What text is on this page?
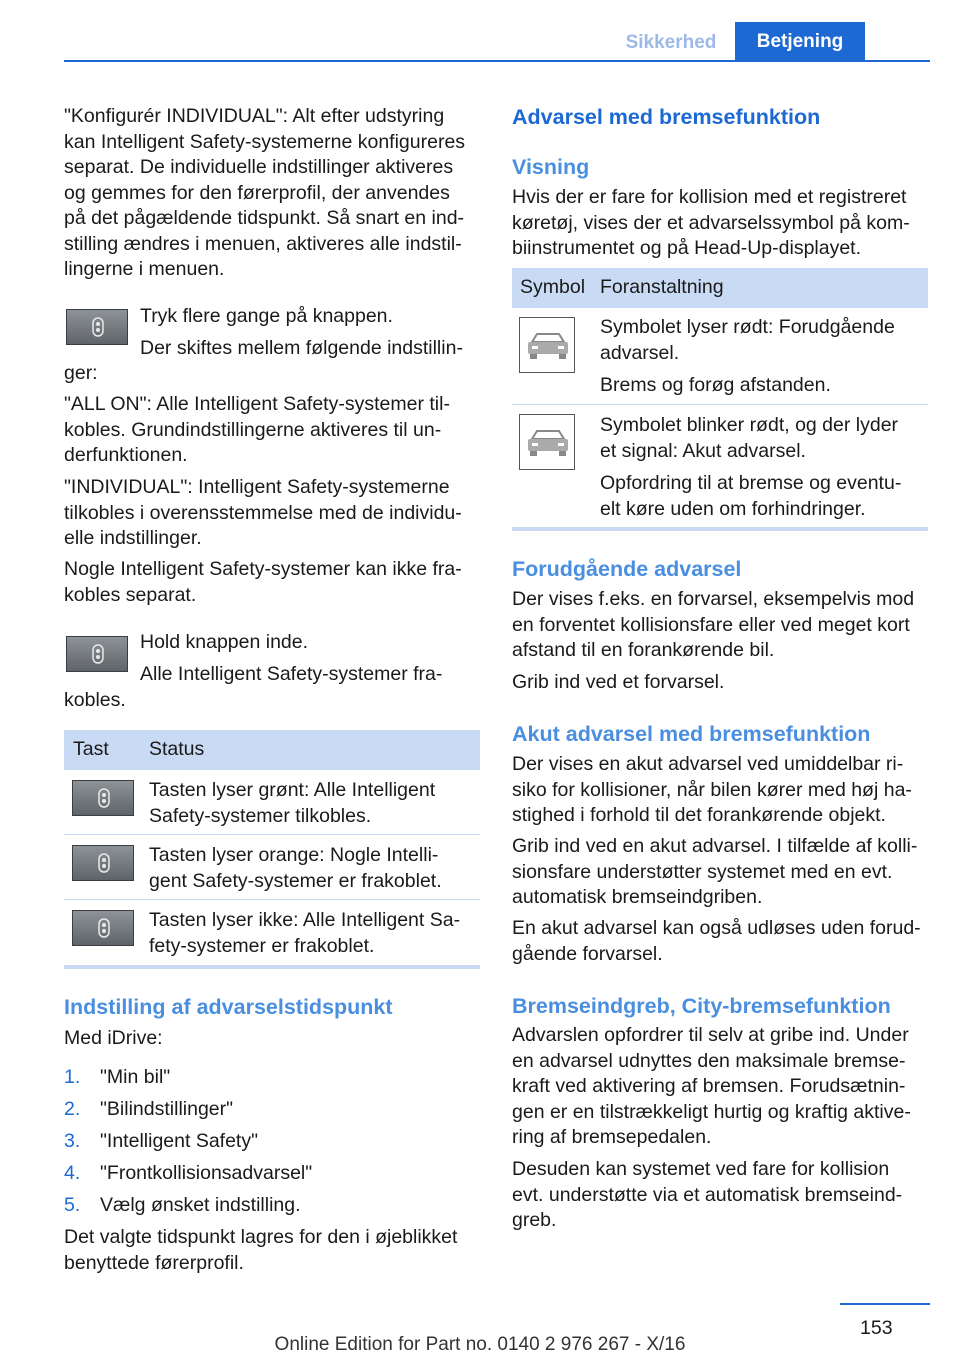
Sikkerhed	Betjening
"Konfigurér INDIVIDUAL": Alt efter udstyring
kan Intelligent Safety-systemerne konfigureres
separat. De individuelle indstillinger aktiveres
og gemmes for den førerprofil, der anvendes
på det pågældende tidspunkt. Så snart en ind-
stilling ændres i menuen, aktiveres alle indstil-
lingerne i menuen.
Tryk flere gange på knappen.
Der skiftes mellem følgende indstillin-
ger:
"ALL ON": Alle Intelligent Safety-systemer til-
kobles. Grundindstillingerne aktiveres til un-
derfunktionen.
"INDIVIDUAL": Intelligent Safety-systemerne
tilkobles i overensstemmelse med de individu-
elle indstillinger.
Nogle Intelligent Safety-systemer kan ikke fra-
kobles separat.
Hold knappen inde.
Alle Intelligent Safety-systemer fra-
kobles.
Tast Status
Tasten lyser grønt: Alle Intelligent
Safety-systemer tilkobles.
Tasten lyser orange: Nogle Intelli-
gent Safety-systemer er frakoblet.
Tasten lyser ikke: Alle Intelligent Sa-
fety-systemer er frakoblet.
Indstilling af advarselstidspunkt
Med iDrive:
1. "Min bil"
2. "Bilindstillinger"
3. "Intelligent Safety"
4. "Frontkollisionsadvarsel"
5. Vælg ønsket indstilling.
Det valgte tidspunkt lagres for den i øjeblikket
benyttede førerprofil.
Advarsel med bremsefunktion
Visning
Hvis der er fare for kollision med et registreret
køretøj, vises der et advarselssymbol på kom-
biinstrumentet og på Head-Up-displayet.
Symbol Foranstaltning
Symbolet lyser rødt: Forudgående
advarsel.
Brems og forøg afstanden.
Symbolet blinker rødt, og der lyder
et signal: Akut advarsel.
Opfordring til at bremse og eventu-
elt køre uden om forhindringer.
Forudgående advarsel
Der vises f.eks. en forvarsel, eksempelvis mod
en forventet kollisionsfare eller ved meget kort
afstand til en forankørende bil.
Grib ind ved et forvarsel.
Akut advarsel med bremsefunktion
Der vises en akut advarsel ved umiddelbar ri-
siko for kollisioner, når bilen kører med høj ha-
stighed i forhold til det forankørende objekt.
Grib ind ved en akut advarsel. I tilfælde af kolli-
sionsfare understøtter systemet med en evt.
automatisk bremseindgriben.
En akut advarsel kan også udløses uden forud-
gående forvarsel.
Bremseindgreb, City-bremsefunktion
Advarslen opfordrer til selv at gribe ind. Under
en advarsel udnyttes den maksimale bremse-
kraft ved aktivering af bremsen. Forudsætnin-
gen er en tilstrækkeligt hurtig og kraftig aktive-
ring af bremsepedalen.
Desuden kan systemet ved fare for kollision
evt. understøtte via et automatisk bremseind-
greb.
153
Online Edition for Part no. 0140 2 976 267 - X/16
